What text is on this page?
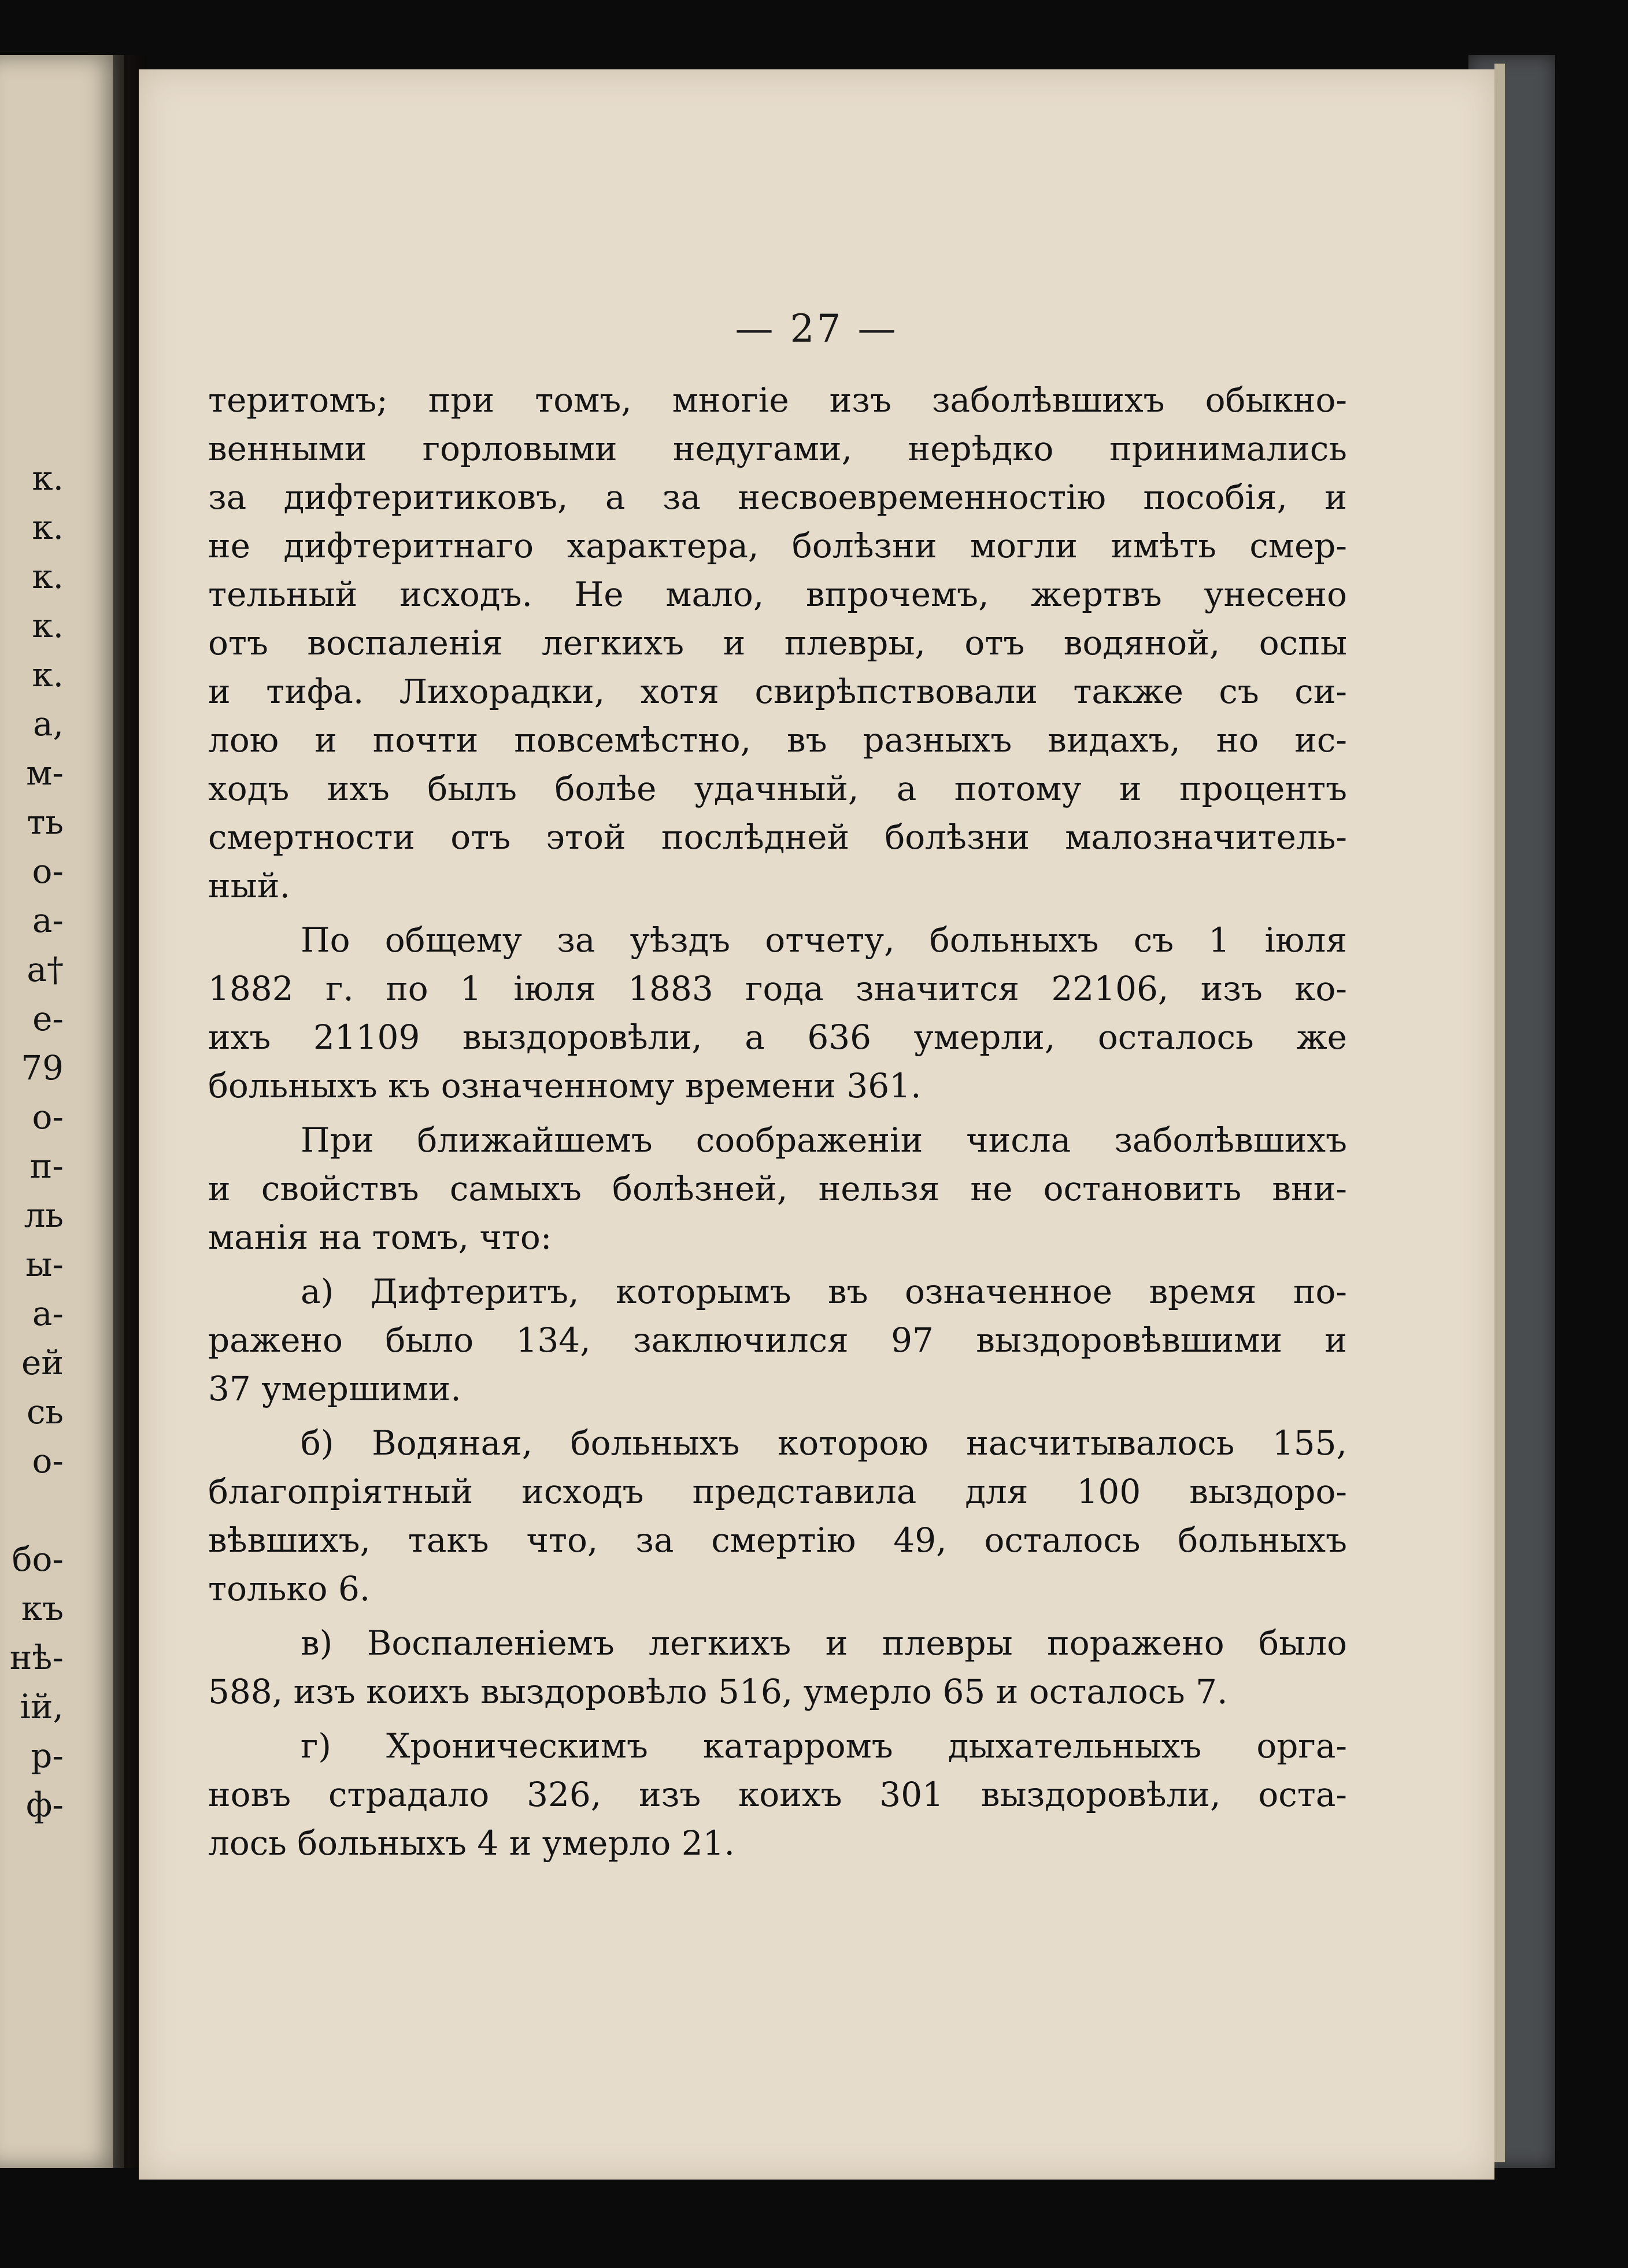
к.
к.
к.
к.
к.
а,
м-
ть
о-
а-
а†
е-
79
о-
п-
ль
ы-
а-
ей
сь
о-
бо-
къ
нѣ-
ій,
р-
ф-
— 27 —
теритомъ; при томъ, многіе изъ заболѣвшихъ обыкно-
венными горловыми недугами, нерѣдко принимались
за дифтеритиковъ, а за несвоевременностію пособія, и
не дифтеритнаго характера, болѣзни могли имѣть смер-
тельный исходъ. Не мало, впрочемъ, жертвъ унесено
отъ воспаленія легкихъ и плевры, отъ водяной, оспы
и тифа. Лихорадки, хотя свирѣпствовали также съ си-
лою и почти повсемѣстно, въ разныхъ видахъ, но ис-
ходъ ихъ былъ болѣе удачный, а потому и процентъ
смертности отъ этой послѣдней болѣзни малозначитель-
ный.
По общему за уѣздъ отчету, больныхъ съ 1 іюля
1882 г. по 1 іюля 1883 года значится 22106, изъ ко-
ихъ 21109 выздоровѣли, а 636 умерли, осталось же
больныхъ къ означенному времени 361.
При ближайшемъ соображеніи числа заболѣвшихъ
и свойствъ самыхъ болѣзней, нельзя не остановить вни-
манія на томъ, что:
а) Дифтеритъ, которымъ въ означенное время по-
ражено было 134, заключился 97 выздоровѣвшими и
37 умершими.
б) Водяная, больныхъ которою насчитывалось 155,
благопріятный исходъ представила для 100 выздоро-
вѣвшихъ, такъ что, за смертію 49, осталось больныхъ
только 6.
в) Воспаленіемъ легкихъ и плевры поражено было
588, изъ коихъ выздоровѣло 516, умерло 65 и осталось 7.
г) Хроническимъ катарромъ дыхательныхъ орга-
новъ страдало 326, изъ коихъ 301 выздоровѣли, оста-
лось больныхъ 4 и умерло 21.
